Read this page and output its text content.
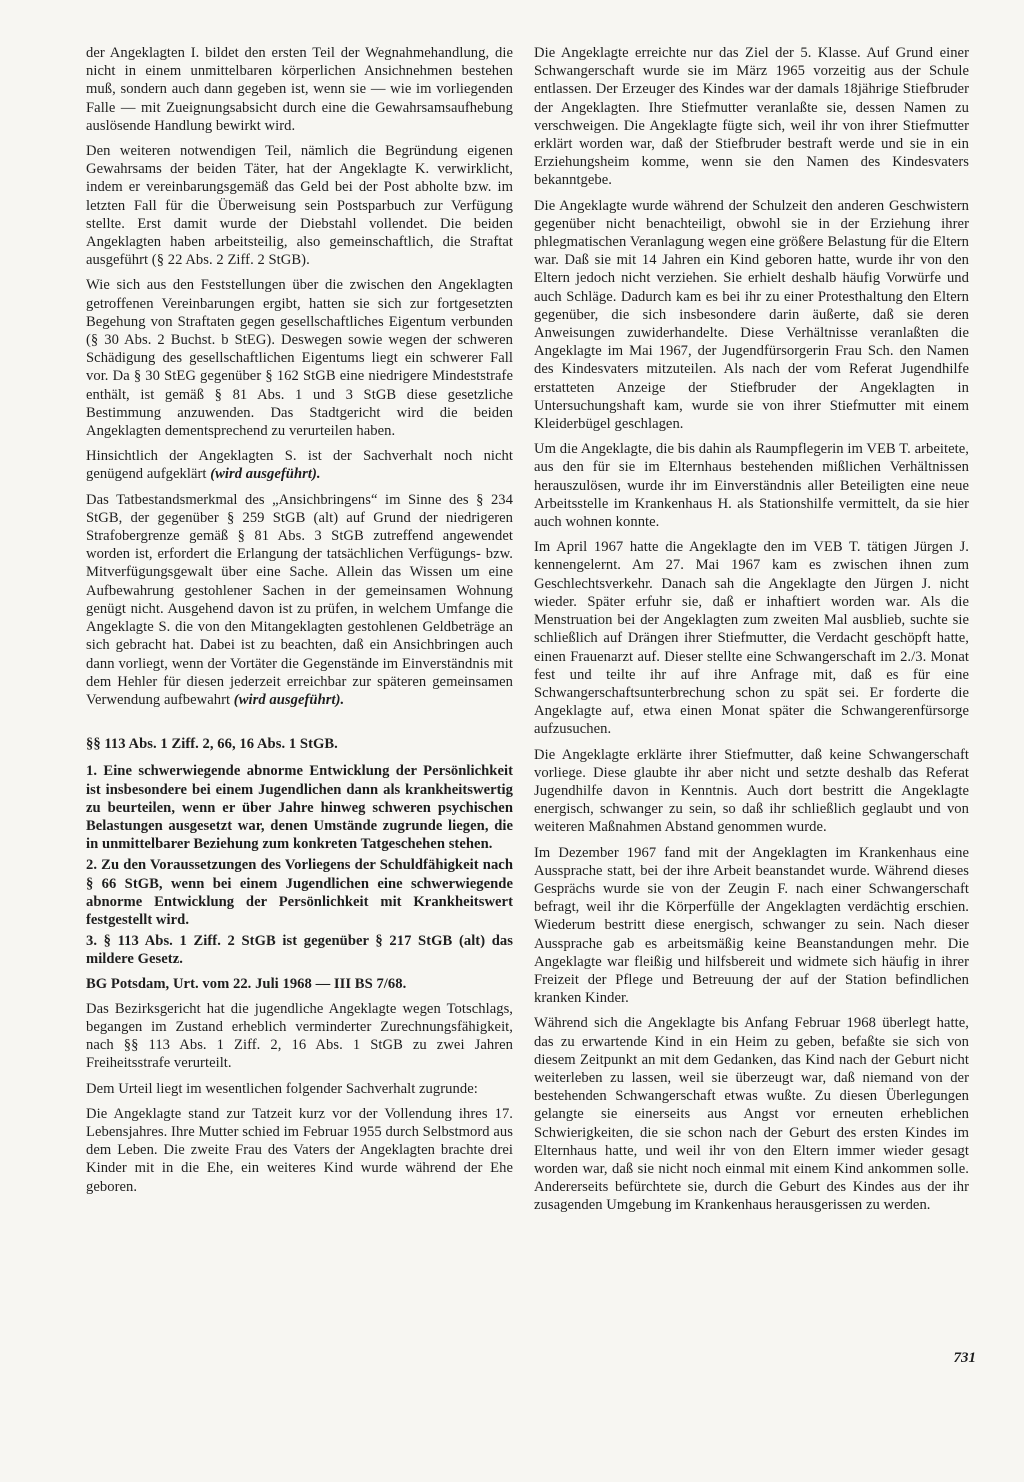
der Angeklagten I. bildet den ersten Teil der Wegnahmehandlung, die nicht in einem unmittelbaren körperlichen Ansichnehmen bestehen muß, sondern auch dann gegeben ist, wenn sie — wie im vorliegenden Falle — mit Zueignungsabsicht durch eine die Gewahrsamsaufhebung auslösende Handlung bewirkt wird.

Den weiteren notwendigen Teil, nämlich die Begründung eigenen Gewahrsams der beiden Täter, hat der Angeklagte K. verwirklicht, indem er vereinbarungsgemäß das Geld bei der Post abholte bzw. im letzten Fall für die Überweisung sein Postsparbuch zur Verfügung stellte. Erst damit wurde der Diebstahl vollendet. Die beiden Angeklagten haben arbeitsteilig, also gemeinschaftlich, die Straftat ausgeführt (§ 22 Abs. 2 Ziff. 2 StGB).

Wie sich aus den Feststellungen über die zwischen den Angeklagten getroffenen Vereinbarungen ergibt, hatten sie sich zur fortgesetzten Begehung von Straftaten gegen gesellschaftliches Eigentum verbunden (§ 30 Abs. 2 Buchst. b StEG). Deswegen sowie wegen der schweren Schädigung des gesellschaftlichen Eigentums liegt ein schwerer Fall vor. Da § 30 StEG gegenüber § 162 StGB eine niedrigere Mindeststrafe enthält, ist gemäß § 81 Abs. 1 und 3 StGB diese gesetzliche Bestimmung anzuwenden. Das Stadtgericht wird die beiden Angeklagten dementsprechend zu verurteilen haben.

Hinsichtlich der Angeklagten S. ist der Sachverhalt noch nicht genügend aufgeklärt (wird ausgeführt).

Das Tatbestandsmerkmal des „Ansichbringens“ im Sinne des § 234 StGB, der gegenüber § 259 StGB (alt) auf Grund der niedrigeren Strafobergrenze gemäß § 81 Abs. 3 StGB zutreffend angewendet worden ist, erfordert die Erlangung der tatsächlichen Verfügungs- bzw. Mitverfügungsgewalt über eine Sache. Allein das Wissen um eine Aufbewahrung gestohlener Sachen in der gemeinsamen Wohnung genügt nicht. Ausgehend davon ist zu prüfen, in welchem Umfange die Angeklagte S. die von den Mitangeklagten gestohlenen Geldbeträge an sich gebracht hat. Dabei ist zu beachten, daß ein Ansichbringen auch dann vorliegt, wenn der Vortäter die Gegenstände im Einverständnis mit dem Hehler für diesen jederzeit erreichbar zur späteren gemeinsamen Verwendung aufbewahrt (wird ausgeführt).

§§ 113 Abs. 1 Ziff. 2, 66, 16 Abs. 1 StGB.

1. Eine schwerwiegende abnorme Entwicklung der Persönlichkeit ist insbesondere bei einem Jugendlichen dann als krankheitswertig zu beurteilen, wenn er über Jahre hinweg schweren psychischen Belastungen ausgesetzt war, denen Umstände zugrunde liegen, die in unmittelbarer Beziehung zum konkreten Tatgeschehen stehen.

2. Zu den Voraussetzungen des Vorliegens der Schuldfähigkeit nach § 66 StGB, wenn bei einem Jugendlichen eine schwerwiegende abnorme Entwicklung der Persönlichkeit mit Krankheitswert festgestellt wird.

3. § 113 Abs. 1 Ziff. 2 StGB ist gegenüber § 217 StGB (alt) das mildere Gesetz.

BG Potsdam, Urt. vom 22. Juli 1968 — III BS 7/68.

Das Bezirksgericht hat die jugendliche Angeklagte wegen Totschlags, begangen im Zustand erheblich verminderter Zurechnungsfähigkeit, nach §§ 113 Abs. 1 Ziff. 2, 16 Abs. 1 StGB zu zwei Jahren Freiheitsstrafe verurteilt.

Dem Urteil liegt im wesentlichen folgender Sachverhalt zugrunde:

Die Angeklagte stand zur Tatzeit kurz vor der Vollendung ihres 17. Lebensjahres. Ihre Mutter schied im Februar 1955 durch Selbstmord aus dem Leben. Die zweite Frau des Vaters der Angeklagten brachte drei Kinder mit in die Ehe, ein weiteres Kind wurde während der Ehe geboren.

Die Angeklagte erreichte nur das Ziel der 5. Klasse. Auf Grund einer Schwangerschaft wurde sie im März 1965 vorzeitig aus der Schule entlassen. Der Erzeuger des Kindes war der damals 18jährige Stiefbruder der Angeklagten. Ihre Stiefmutter veranlaßte sie, dessen Namen zu verschweigen. Die Angeklagte fügte sich, weil ihr von ihrer Stiefmutter erklärt worden war, daß der Stiefbruder bestraft werde und sie in ein Erziehungsheim komme, wenn sie den Namen des Kindesvaters bekanntgebe.

Die Angeklagte wurde während der Schulzeit den anderen Geschwistern gegenüber nicht benachteiligt, obwohl sie in der Erziehung ihrer phlegmatischen Veranlagung wegen eine größere Belastung für die Eltern war. Daß sie mit 14 Jahren ein Kind geboren hatte, wurde ihr von den Eltern jedoch nicht verziehen. Sie erhielt deshalb häufig Vorwürfe und auch Schläge. Dadurch kam es bei ihr zu einer Protesthaltung den Eltern gegenüber, die sich insbesondere darin äußerte, daß sie deren Anweisungen zuwiderhandelte. Diese Verhältnisse veranlaßten die Angeklagte im Mai 1967, der Jugendfürsorgerin Frau Sch. den Namen des Kindesvaters mitzuteilen. Als nach der vom Referat Jugendhilfe erstatteten Anzeige der Stiefbruder der Angeklagten in Untersuchungshaft kam, wurde sie von ihrer Stiefmutter mit einem Kleiderbügel geschlagen.

Um die Angeklagte, die bis dahin als Raumpflegerin im VEB T. arbeitete, aus den für sie im Elternhaus bestehenden mißlichen Verhältnissen herauszulösen, wurde ihr im Einverständnis aller Beteiligten eine neue Arbeitsstelle im Krankenhaus H. als Stationshilfe vermittelt, da sie hier auch wohnen konnte.

Im April 1967 hatte die Angeklagte den im VEB T. tätigen Jürgen J. kennengelernt. Am 27. Mai 1967 kam es zwischen ihnen zum Geschlechtsverkehr. Danach sah die Angeklagte den Jürgen J. nicht wieder. Später erfuhr sie, daß er inhaftiert worden war. Als die Menstruation bei der Angeklagten zum zweiten Mal ausblieb, suchte sie schließlich auf Drängen ihrer Stiefmutter, die Verdacht geschöpft hatte, einen Frauenarzt auf. Dieser stellte eine Schwangerschaft im 2./3. Monat fest und teilte ihr auf ihre Anfrage mit, daß es für eine Schwangerschaftsunterbrechung schon zu spät sei. Er forderte die Angeklagte auf, etwa einen Monat später die Schwangerenfürsorge aufzusuchen.

Die Angeklagte erklärte ihrer Stiefmutter, daß keine Schwangerschaft vorliege. Diese glaubte ihr aber nicht und setzte deshalb das Referat Jugendhilfe davon in Kenntnis. Auch dort bestritt die Angeklagte energisch, schwanger zu sein, so daß ihr schließlich geglaubt und von weiteren Maßnahmen Abstand genommen wurde.

Im Dezember 1967 fand mit der Angeklagten im Krankenhaus eine Aussprache statt, bei der ihre Arbeit beanstandet wurde. Während dieses Gesprächs wurde sie von der Zeugin F. nach einer Schwangerschaft befragt, weil ihr die Körperfülle der Angeklagten verdächtig erschien. Wiederum bestritt diese energisch, schwanger zu sein. Nach dieser Aussprache gab es arbeitsmäßig keine Beanstandungen mehr. Die Angeklagte war fleißig und hilfsbereit und widmete sich häufig in ihrer Freizeit der Pflege und Betreuung der auf der Station befindlichen kranken Kinder.

Während sich die Angeklagte bis Anfang Februar 1968 überlegt hatte, das zu erwartende Kind in ein Heim zu geben, befaßte sie sich von diesem Zeitpunkt an mit dem Gedanken, das Kind nach der Geburt nicht weiterleben zu lassen, weil sie überzeugt war, daß niemand von der bestehenden Schwangerschaft etwas wußte. Zu diesen Überlegungen gelangte sie einerseits aus Angst vor erneuten erheblichen Schwierigkeiten, die sie schon nach der Geburt des ersten Kindes im Elternhaus hatte, und weil ihr von den Eltern immer wieder gesagt worden war, daß sie nicht noch einmal mit einem Kind ankommen solle. Andererseits befürchtete sie, durch die Geburt des Kindes aus der ihr zusagenden Umgebung im Krankenhaus herausgerissen zu werden.

731
